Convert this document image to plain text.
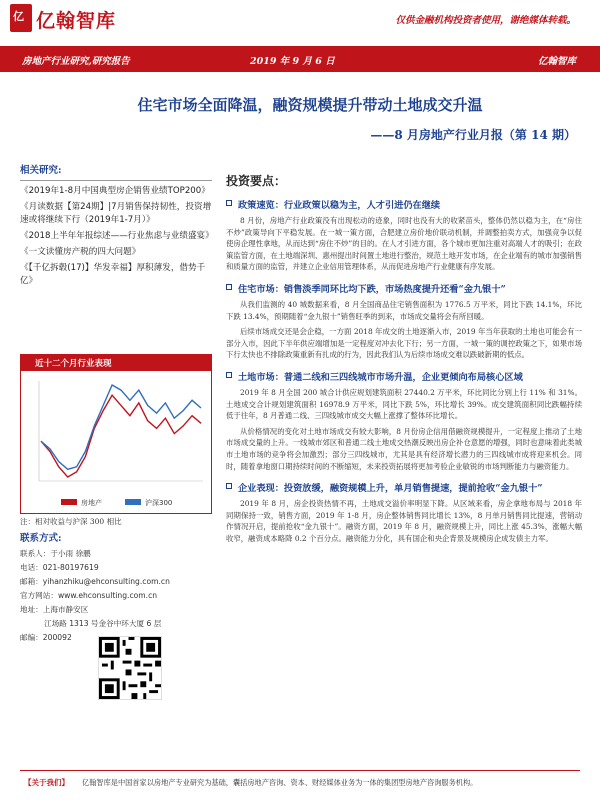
亿 亿翰智库	仅供金融机构投资者使用，谢绝媒体转载。
房地产行业研究,研究报告	2019 年 9 月 6 日	亿翰智库
住宅市场全面降温，融资规模提升带动土地成交升温
——8 月房地产行业月报（第 14 期）
相关研究:
《2019年1-8月中国典型房企销售业绩TOP200》
《月读数据【第24期】|7月销售保持韧性，投资增速或将继续下行（2019年1-7月）》
《2018上半年年报综述——行业焦虑与业绩盛宴》
《一文读懂房产税的四大问题》
《【千亿拆毂(17)】华发幸福】厚积薄发，借势千亿》
近十二个月行业表现
房地产	沪深300
注：相对收益与沪深 300 相比
联系方式:
联系人：于小雨 徐鹏
电话：021-80197619
邮箱：yihanzhiku@ehconsulting.com.cn
官方网站：www.ehconsulting.com.cn
地址：上海市静安区
江场路 1313 号金谷中环大厦 6 层
邮编：200092
投资要点：
政策速览：行业政策以稳为主，人才引进仍在继续

8 月份，房地产行业政策没有出现松动的迹象，同时也没有大的收紧苗头，整体仍然以稳为主，在“房住不炒”政策导向下平稳发展。在一城一策方面，合肥建立房价地价联动机制，并调整拍卖方式，加强竞争以促使房企理性拿地，从而达到“房住不炒”的目的。在人才引进方面，各个城市更加注重对高端人才的吸引；在政策监管方面，在土地端深圳、惠州提出时间置土地进行整治，规范土地开发市场，在企业端有的城市加强销售和质量方面的监管，并建立企业信用管理体系，从而促进房地产行业健康有序发展。

住宅市场：销售淡季同环比均下跌，市场热度提升还看“金九银十”

从我们监测的 40 城数据来看，8 月全国商品住宅销售面积为 1776.5 万平米，同比下跌 14.1%，环比下跌 13.4%，预期随着“金九银十”销售旺季的到来，市场成交量将会有所回暖。

后续市场成交还是会企稳，一方面 2018 年成交的土地逐渐入市，2019 年当年获取的土地也可能会有一部分入市，因此下半年供应端增加是一定程度对冲去化下行；另一方面，一城一策的调控政策之下，如果市场下行太快也不排除政策重新有扎成的行为，因此我们认为后续市场成交难以跌破新期的低点。

土地市场：普通二线和三四线城市市场升温，企业更倾向布局核心区域

2019 年 8 月全国 200 城合计供应规划建筑面积 27440.2 万平米，环比同比分别上行 11% 和 31%。土地成交合计规划建筑面积 16978.9 万平米，同比下跌 5%，环比增长 39%。成交建筑面积同比跌幅持续低于往年，8 月普通二线、三四线城市成交大幅上涨撑了整体环比增长。

从价格情况的变化对土地市场成交有较大影响，8 月份房企信用借融资规模提升，一定程度上推动了土地市场成交量的上升。一线城市郊区和普通二线土地成交热潮反映出房企补仓意愿的增强，同时也意味着此类城市土地市场的竞争将会加激烈；部分三四线城市，尤其是具有经济增长潜力的三四线城市成将迎来机会。同时，随着拿地窗口期持续时间的不断缩短，未来投资拓展将更加考验企业敏锐的市场判断能力与融资能力。

企业表现：投资放缓，融资规模上升，单月销售提速，提前抢收“金九银十”

2019 年 8 月，房企投资热情不再，土地成交溢价率明显下降。从区域来看，房企拿地布局与 2018 年同期保持一致，销售方面，2019 年 1-8 月，房企整体销售同比增长 13%，8 月单月销售同比提速，营销动作情况开启，提前抢收“金九银十”。融资方面，2019 年 8 月，融资规模上升，同比上涨 45.3%，涨幅大幅收窄，融资成本略降 0.2 个百分点。融资能力分化，具有国企和央企背景及规模房企成发债主力军。

【关于我们】 亿翰智库是中国首家以房地产专业研究为基础，囊括房地产咨询、资本、财经媒体业务为一体的集团型房地产咨询服务机构。
